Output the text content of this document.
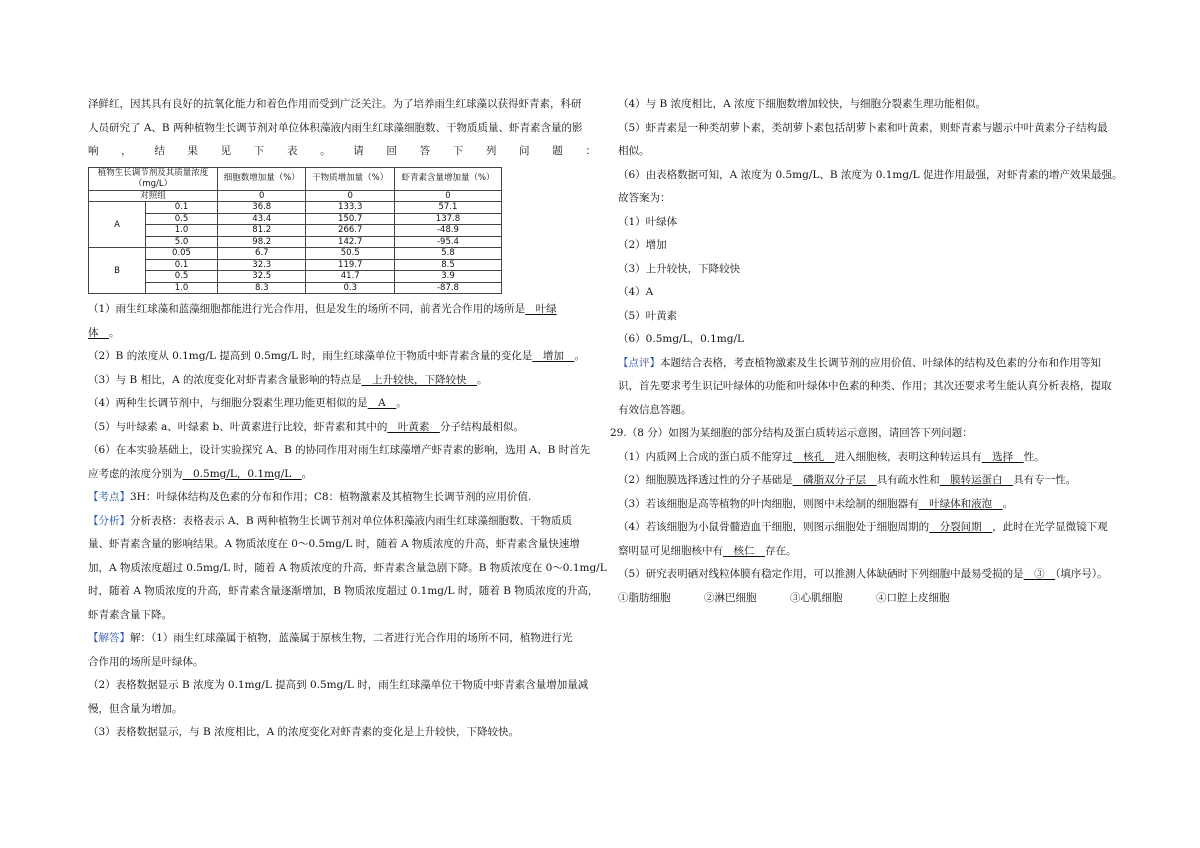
泽鲜红，因其具有良好的抗氧化能力和着色作用而受到广泛关注。为了培养雨生红球藻以获得虾青素，科研
人员研究了 A、B 两种植物生长调节剂对单位体积藻液内雨生红球藻细胞数、干物质质量、虾青素含量的影
响 ， 结 果 见 下 表 。 请 回 答 下 列 问 题 ：
植物生长调节剂及其质量浓度（mg/L）		细胞数增加量（%）	干物质增加量（%）	虾青素含量增加量（%）
对照组		0	0	0
A	0.1	36.8	133.3	57.1
	0.5	43.4	150.7	137.8
	1.0	81.2	266.7	-48.9
	5.0	98.2	142.7	-95.4
B	0.05	6.7	50.5	5.8
	0.1	32.3	119.7	8.5
	0.5	32.5	41.7	3.9
	1.0	8.3	0.3	-87.8
（1）雨生红球藻和蓝藻细胞都能进行光合作用，但是发生的场所不同，前者光合作用的场所是　叶绿
体　。
（2）B 的浓度从 0.1mg/L 提高到 0.5mg/L 时，雨生红球藻单位干物质中虾青素含量的变化是　增加　。
（3）与 B 相比，A 的浓度变化对虾青素含量影响的特点是　上升较快，下降较快　。
（4）两种生长调节剂中，与细胞分裂素生理功能更相似的是　A　。
（5）与叶绿素 a、叶绿素 b、叶黄素进行比较，虾青素和其中的　叶黄素　分子结构最相似。
（6）在本实验基础上，设计实验探究 A、B 的协同作用对雨生红球藻增产虾青素的影响，选用 A、B 时首先
应考虑的浓度分别为　0.5mg/L，0.1mg/L　。
【考点】3H：叶绿体结构及色素的分布和作用；C8：植物激素及其植物生长调节剂的应用价值.
【分析】分析表格：表格表示 A、B 两种植物生长调节剂对单位体积藻液内雨生红球藻细胞数、干物质质
量、虾青素含量的影响结果。A 物质浓度在 0～0.5mg/L 时，随着 A 物质浓度的升高，虾青素含量快速增
加，A 物质浓度超过 0.5mg/L 时，随着 A 物质浓度的升高，虾青素含量急剧下降。B 物质浓度在 0～0.1mg/L
时，随着 A 物质浓度的升高，虾青素含量逐渐增加，B 物质浓度超过 0.1mg/L 时，随着 B 物质浓度的升高，
虾青素含量下降。
【解答】解：（1）雨生红球藻属于植物，蓝藻属于原核生物，二者进行光合作用的场所不同，植物进行光
合作用的场所是叶绿体。
（2）表格数据显示 B 浓度为 0.1mg/L 提高到 0.5mg/L 时，雨生红球藻单位干物质中虾青素含量增加量减
慢，但含量为增加。
（3）表格数据显示，与 B 浓度相比，A 的浓度变化对虾青素的变化是上升较快，下降较快。
（4）与 B 浓度相比，A 浓度下细胞数增加较快，与细胞分裂素生理功能相似。
（5）虾青素是一种类胡萝卜素，类胡萝卜素包括胡萝卜素和叶黄素，则虾青素与题示中叶黄素分子结构最
相似。
（6）由表格数据可知，A 浓度为 0.5mg/L、B 浓度为 0.1mg/L 促进作用最强，对虾青素的增产效果最强。
故答案为：
（1）叶绿体
（2）增加
（3）上升较快，下降较快
（4）A
（5）叶黄素
（6）0.5mg/L，0.1mg/L
【点评】本题结合表格，考查植物激素及生长调节剂的应用价值、叶绿体的结构及色素的分布和作用等知
识，首先要求考生识记叶绿体的功能和叶绿体中色素的种类、作用；其次还要求考生能认真分析表格，提取
有效信息答题。
29.（8 分）如图为某细胞的部分结构及蛋白质转运示意图，请回答下列问题：
（1）内质网上合成的蛋白质不能穿过　核孔　进入细胞核，表明这种转运具有　选择　性。
（2）细胞膜选择透过性的分子基础是　磷脂双分子层　具有疏水性和　膜转运蛋白　具有专一性。
（3）若该细胞是高等植物的叶肉细胞，则图中未绘制的细胞器有　叶绿体和液泡　。
（4）若该细胞为小鼠骨髓造血干细胞，则图示细胞处于细胞周期的　分裂间期　，此时在光学显微镜下观
察明显可见细胞核中有　核仁　存在。
（5）研究表明硒对线粒体膜有稳定作用，可以推测人体缺硒时下列细胞中最易受损的是　③　（填序号）。
①脂肪细胞	②淋巴细胞	③心肌细胞	④口腔上皮细胞
